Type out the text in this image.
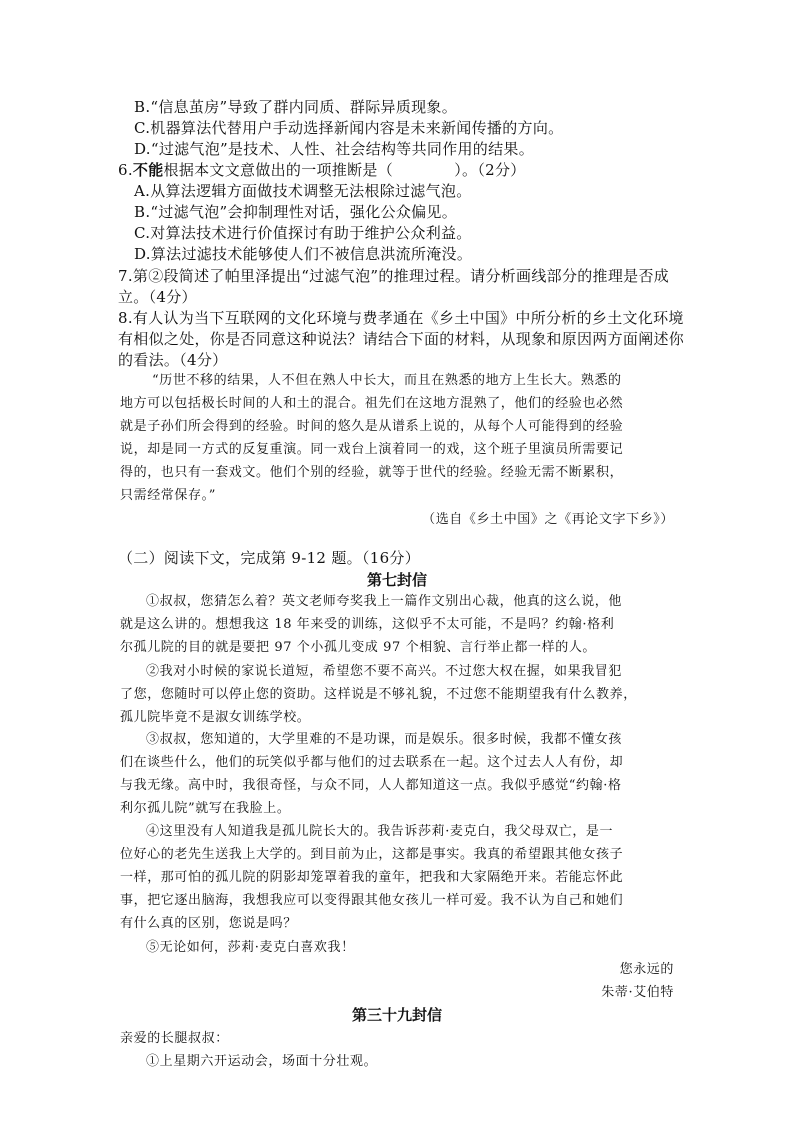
B.“信息茧房”导致了群内同质、群际异质现象。
C.机器算法代替用户手动选择新闻内容是未来新闻传播的方向。
D.“过滤气泡”是技术、人性、社会结构等共同作用的结果。
6.不能根据本文文意做出的一项推断是（　　　　）。（2分）
A.从算法逻辑方面做技术调整无法根除过滤气泡。
B.“过滤气泡”会抑制理性对话，强化公众偏见。
C.对算法技术进行价值探讨有助于维护公众利益。
D.算法过滤技术能够使人们不被信息洪流所淹没。
7.第②段简述了帕里泽提出“过滤气泡”的推理过程。请分析画线部分的推理是否成
立。（4分）
8.有人认为当下互联网的文化环境与费孝通在《乡土中国》中所分析的乡土文化环境
有相似之处，你是否同意这种说法？请结合下面的材料，从现象和原因两方面阐述你
的看法。（4分）
“历世不移的结果，人不但在熟人中长大，而且在熟悉的地方上生长大。熟悉的
地方可以包括极长时间的人和土的混合。祖先们在这地方混熟了，他们的经验也必然
就是子孙们所会得到的经验。时间的悠久是从谱系上说的，从每个人可能得到的经验
说，却是同一方式的反复重演。同一戏台上演着同一的戏，这个班子里演员所需要记
得的，也只有一套戏文。他们个别的经验，就等于世代的经验。经验无需不断累积，
只需经常保存。”
（选自《乡土中国》之《再论文字下乡》）
（二）阅读下文，完成第 9-12 题。（16分）
第七封信
①叔叔，您猜怎么着？英文老师夸奖我上一篇作文别出心裁，他真的这么说，他
就是这么讲的。想想我这 18 年来受的训练，这似乎不太可能，不是吗？约翰·格利
尔孤儿院的目的就是要把 97 个小孤儿变成 97 个相貌、言行举止都一样的人。
②我对小时候的家说长道短，希望您不要不高兴。不过您大权在握，如果我冒犯
了您，您随时可以停止您的资助。这样说是不够礼貌，不过您不能期望我有什么教养，
孤儿院毕竟不是淑女训练学校。
③叔叔，您知道的，大学里难的不是功课，而是娱乐。很多时候，我都不懂女孩
们在谈些什么，他们的玩笑似乎都与他们的过去联系在一起。这个过去人人有份，却
与我无缘。高中时，我很奇怪，与众不同，人人都知道这一点。我似乎感觉“约翰·格
利尔孤儿院”就写在我脸上。
④这里没有人知道我是孤儿院长大的。我告诉莎莉·麦克白，我父母双亡，是一
位好心的老先生送我上大学的。到目前为止，这都是事实。我真的希望跟其他女孩子
一样，那可怕的孤儿院的阴影却笼罩着我的童年，把我和大家隔绝开来。若能忘怀此
事，把它逐出脑海，我想我应可以变得跟其他女孩儿一样可爱。我不认为自己和她们
有什么真的区别，您说是吗？
⑤无论如何，莎莉·麦克白喜欢我！
您永远的
朱蒂·艾伯特
第三十九封信
亲爱的长腿叔叔：
①上星期六开运动会，场面十分壮观。
